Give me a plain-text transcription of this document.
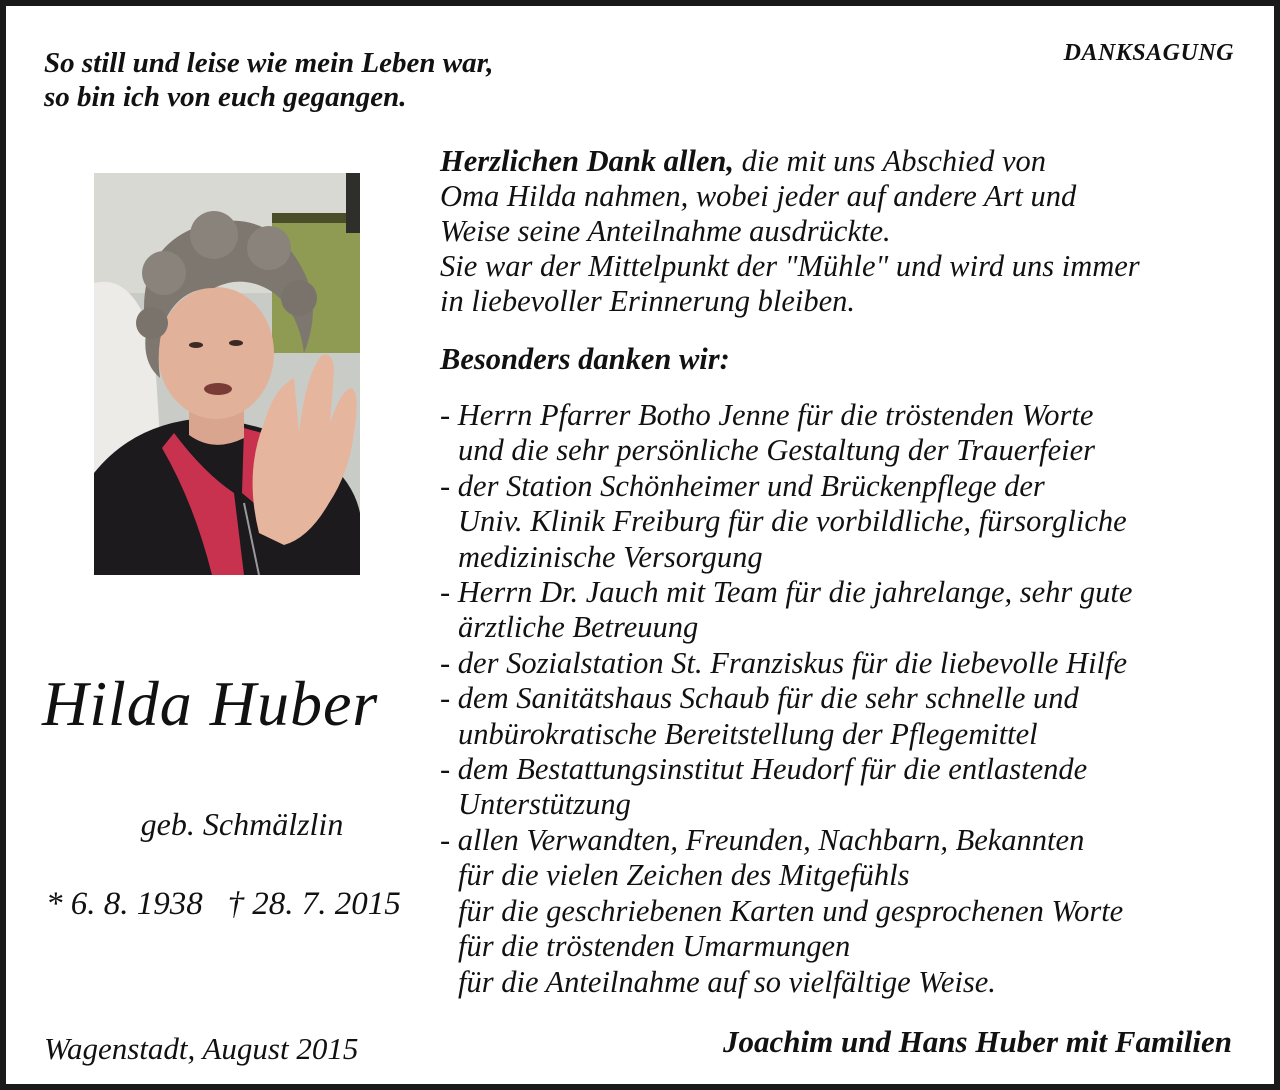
So still und leise wie mein Leben war,
so bin ich von euch gegangen.
DANKSAGUNG
Hilda Huber
geb. Schmälzlin
* 6. 8. 1938   † 28. 7. 2015
Herzlichen Dank allen, die mit uns Abschied von
Oma Hilda nahmen, wobei jeder auf andere Art und
Weise seine Anteilnahme ausdrückte.
Sie war der Mittelpunkt der "Mühle" und wird uns immer
in liebevoller Erinnerung bleiben.
Besonders danken wir:
- Herrn Pfarrer Botho Jenne für die tröstenden Worte
und die sehr persönliche Gestaltung der Trauerfeier
- der Station Schönheimer und Brückenpflege der
Univ. Klinik Freiburg für die vorbildliche, fürsorgliche
medizinische Versorgung
- Herrn Dr. Jauch mit Team für die jahrelange, sehr gute
ärztliche Betreuung
- der Sozialstation St. Franziskus für die liebevolle Hilfe
- dem Sanitätshaus Schaub für die sehr schnelle und
unbürokratische Bereitstellung der Pflegemittel
- dem Bestattungsinstitut Heudorf für die entlastende
Unterstützung
- allen Verwandten, Freunden, Nachbarn, Bekannten
für die vielen Zeichen des Mitgefühls
für die geschriebenen Karten und gesprochenen Worte
für die tröstenden Umarmungen
für die Anteilnahme auf so vielfältige Weise.
Wagenstadt, August 2015	Joachim und Hans Huber mit Familien
